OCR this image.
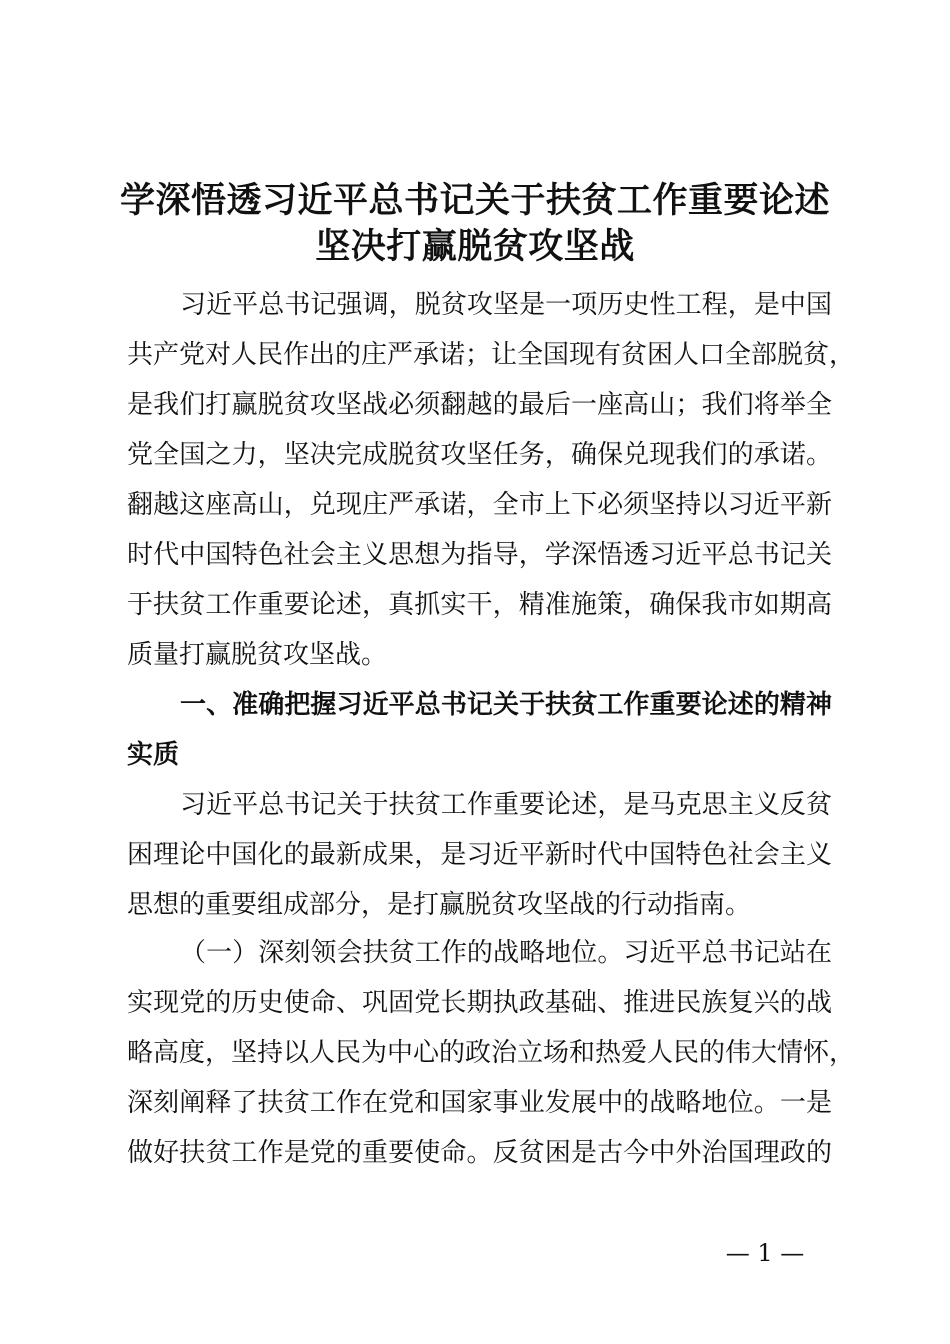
学深悟透习近平总书记关于扶贫工作重要论述
坚决打赢脱贫攻坚战
习近平总书记强调，脱贫攻坚是一项历史性工程，是中国
共产党对人民作出的庄严承诺；让全国现有贫困人口全部脱贫，
是我们打赢脱贫攻坚战必须翻越的最后一座高山；我们将举全
党全国之力，坚决完成脱贫攻坚任务，确保兑现我们的承诺。
翻越这座高山，兑现庄严承诺，全市上下必须坚持以习近平新
时代中国特色社会主义思想为指导，学深悟透习近平总书记关
于扶贫工作重要论述，真抓实干，精准施策，确保我市如期高
质量打赢脱贫攻坚战。
一、准确把握习近平总书记关于扶贫工作重要论述的精神
实质
习近平总书记关于扶贫工作重要论述，是马克思主义反贫
困理论中国化的最新成果，是习近平新时代中国特色社会主义
思想的重要组成部分，是打赢脱贫攻坚战的行动指南。
（一）深刻领会扶贫工作的战略地位。习近平总书记站在
实现党的历史使命、巩固党长期执政基础、推进民族复兴的战
略高度，坚持以人民为中心的政治立场和热爱人民的伟大情怀，
深刻阐释了扶贫工作在党和国家事业发展中的战略地位。一是
做好扶贫工作是党的重要使命。反贫困是古今中外治国理政的
— 1 —
